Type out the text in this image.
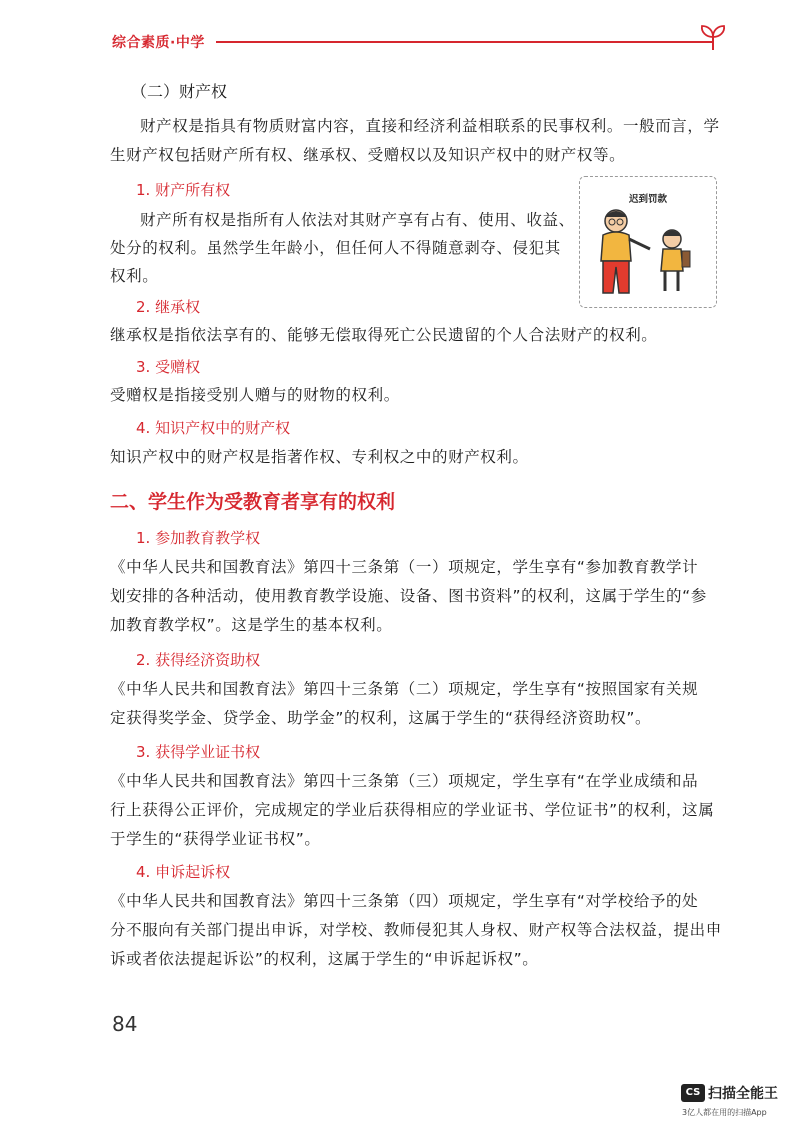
综合素质·中学
（二）财产权
财产权是指具有物质财富内容，直接和经济利益相联系的民事权利。一般而言，学
生财产权包括财产所有权、继承权、受赠权以及知识产权中的财产权等。
1. 财产所有权
财产所有权是指所有人依法对其财产享有占有、使用、收益、
处分的权利。虽然学生年龄小，但任何人不得随意剥夺、侵犯其
权利。
迟到罚款
2. 继承权
继承权是指依法享有的、能够无偿取得死亡公民遗留的个人合法财产的权利。
3. 受赠权
受赠权是指接受别人赠与的财物的权利。
4. 知识产权中的财产权
知识产权中的财产权是指著作权、专利权之中的财产权利。
二、学生作为受教育者享有的权利
1. 参加教育教学权
《中华人民共和国教育法》第四十三条第（一）项规定，学生享有“参加教育教学计
划安排的各种活动，使用教育教学设施、设备、图书资料”的权利，这属于学生的“参
加教育教学权”。这是学生的基本权利。
2. 获得经济资助权
《中华人民共和国教育法》第四十三条第（二）项规定，学生享有“按照国家有关规
定获得奖学金、贷学金、助学金”的权利，这属于学生的“获得经济资助权”。
3. 获得学业证书权
《中华人民共和国教育法》第四十三条第（三）项规定，学生享有“在学业成绩和品
行上获得公正评价，完成规定的学业后获得相应的学业证书、学位证书”的权利，这属
于学生的“获得学业证书权”。
4. 申诉起诉权
《中华人民共和国教育法》第四十三条第（四）项规定，学生享有“对学校给予的处
分不服向有关部门提出申诉，对学校、教师侵犯其人身权、财产权等合法权益，提出申
诉或者依法提起诉讼”的权利，这属于学生的“申诉起诉权”。
84
CS 扫描全能王
3亿人都在用的扫描App
